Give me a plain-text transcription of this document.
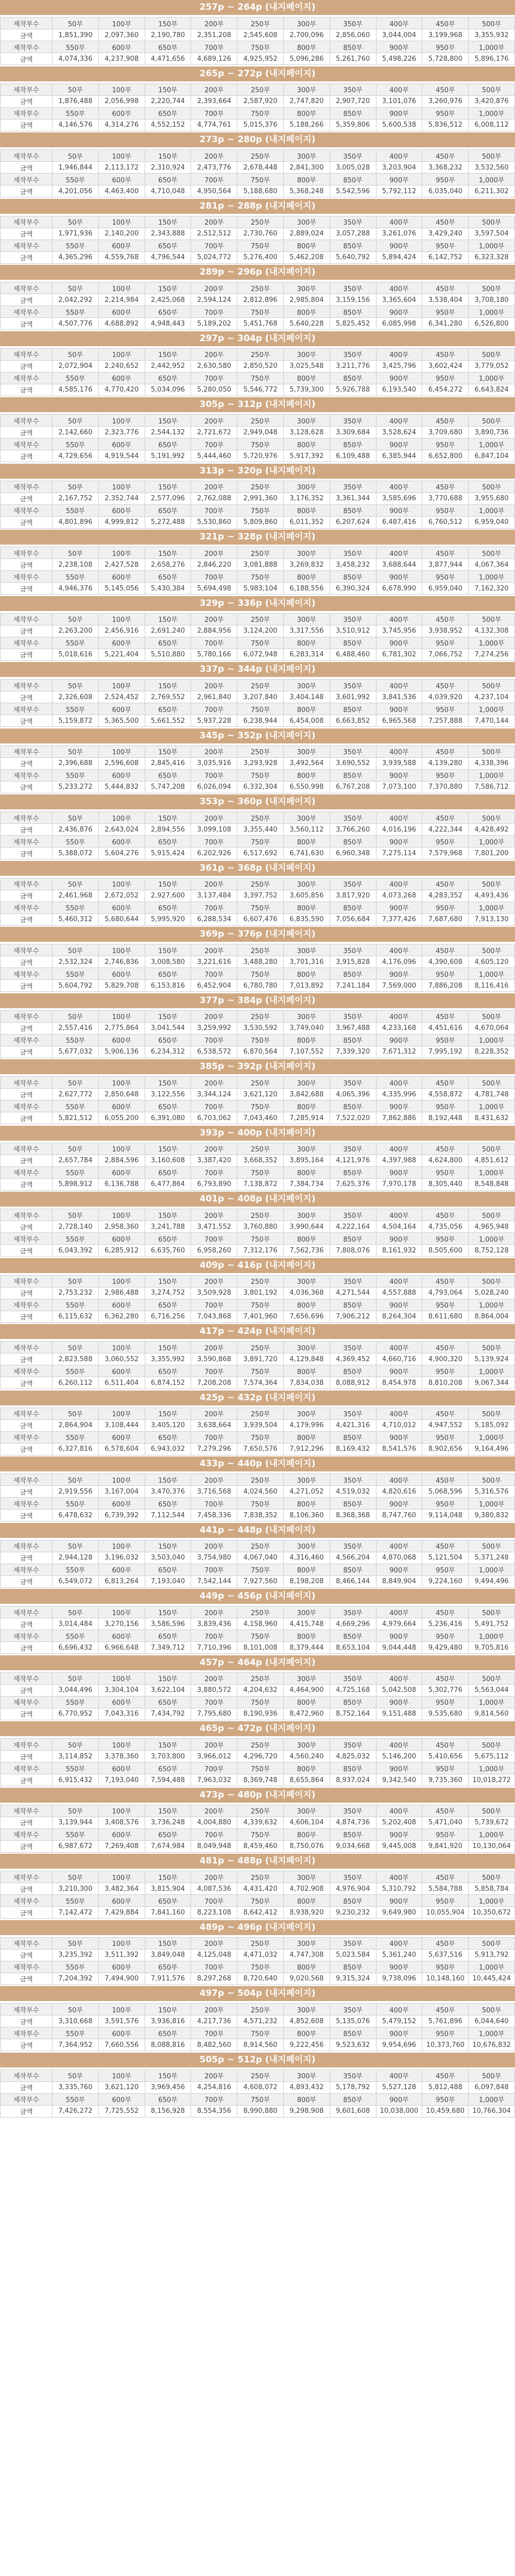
257p ~ 264p (내지페이지)
제작부수	50부	100부	150부	200부	250부	300부	350부	400부	450부	500부
금액	1,851,390	2,097,360	2,190,780	2,351,208	2,545,608	2,700,096	2,856,060	3,044,004	3,199,968	3,355,932
제작부수	550부	600부	650부	700부	750부	800부	850부	900부	950부	1,000부
금액	4,074,336	4,237,908	4,471,656	4,689,126	4,925,952	5,096,286	5,261,760	5,498,226	5,728,800	5,896,176
265p ~ 272p (내지페이지)
제작부수	50부	100부	150부	200부	250부	300부	350부	400부	450부	500부
금액	1,876,488	2,056,998	2,220,744	2,393,664	2,587,920	2,747,820	2,907,720	3,101,076	3,260,976	3,420,876
제작부수	550부	600부	650부	700부	750부	800부	850부	900부	950부	1,000부
금액	4,146,576	4,314,276	4,552,152	4,774,761	5,015,376	5,188,266	5,359,806	5,600,538	5,836,512	6,008,112
273p ~ 280p (내지페이지)
제작부수	50부	100부	150부	200부	250부	300부	350부	400부	450부	500부
금액	1,946,844	2,113,172	2,310,924	2,473,776	2,678,448	2,841,300	3,005,028	3,203,904	3,368,232	3,532,560
제작부수	550부	600부	650부	700부	750부	800부	850부	900부	950부	1,000부
금액	4,201,056	4,463,400	4,710,048	4,950,564	5,188,680	5,368,248	5,542,596	5,792,112	6,035,040	6,211,302
281p ~ 288p (내지페이지)
제작부수	50부	100부	150부	200부	250부	300부	350부	400부	450부	500부
금액	1,971,936	2,140,200	2,343,888	2,512,512	2,730,760	2,889,024	3,057,288	3,261,076	3,429,240	3,597,504
제작부수	550부	600부	650부	700부	750부	800부	850부	900부	950부	1,000부
금액	4,365,296	4,559,768	4,796,544	5,024,772	5,276,400	5,462,208	5,640,792	5,894,424	6,142,752	6,323,328
289p ~ 296p (내지페이지)
제작부수	50부	100부	150부	200부	250부	300부	350부	400부	450부	500부
금액	2,042,292	2,214,984	2,425,068	2,594,124	2,812,896	2,985,804	3,159,156	3,365,604	3,538,404	3,708,180
제작부수	550부	600부	650부	700부	750부	800부	850부	900부	950부	1,000부
금액	4,507,776	4,688,892	4,948,443	5,189,202	5,451,768	5,640,228	5,825,452	6,085,998	6,341,280	6,526,800
297p ~ 304p (내지페이지)
제작부수	50부	100부	150부	200부	250부	300부	350부	400부	450부	500부
금액	2,072,904	2,240,652	2,442,952	2,630,580	2,850,520	3,025,548	3,211,776	3,425,796	3,602,424	3,779,052
제작부수	550부	600부	650부	700부	750부	800부	850부	900부	950부	1,000부
금액	4,585,176	4,770,420	5,034,096	5,280,050	5,546,772	5,739,300	5,926,788	6,193,540	6,454,272	6,643,824
305p ~ 312p (내지페이지)
제작부수	50부	100부	150부	200부	250부	300부	350부	400부	450부	500부
금액	2,142,660	2,323,776	2,544,132	2,721,672	2,949,048	3,128,628	3,309,684	3,528,624	3,709,680	3,890,736
제작부수	550부	600부	650부	700부	750부	800부	850부	900부	950부	1,000부
금액	4,729,656	4,919,544	5,191,992	5,444,460	5,720,976	5,917,392	6,109,488	6,385,944	6,652,800	6,847,104
313p ~ 320p (내지페이지)
제작부수	50부	100부	150부	200부	250부	300부	350부	400부	450부	500부
금액	2,167,752	2,352,744	2,577,096	2,762,088	2,991,360	3,176,352	3,361,344	3,585,696	3,770,688	3,955,680
제작부수	550부	600부	650부	700부	750부	800부	850부	900부	950부	1,000부
금액	4,801,896	4,999,812	5,272,488	5,530,860	5,809,860	6,011,352	6,207,624	6,487,416	6,760,512	6,959,040
321p ~ 328p (내지페이지)
제작부수	50부	100부	150부	200부	250부	300부	350부	400부	450부	500부
금액	2,238,108	2,427,528	2,658,276	2,846,220	3,081,888	3,269,832	3,458,232	3,688,644	3,877,944	4,067,364
제작부수	550부	600부	650부	700부	750부	800부	850부	900부	950부	1,000부
금액	4,946,376	5,145,056	5,430,384	5,694,498	5,983,104	6,188,556	6,390,324	6,678,990	6,959,040	7,162,320
329p ~ 336p (내지페이지)
제작부수	50부	100부	150부	200부	250부	300부	350부	400부	450부	500부
금액	2,263,200	2,456,916	2,691,240	2,884,956	3,124,200	3,317,556	3,510,912	3,745,956	3,938,952	4,132,308
제작부수	550부	600부	650부	700부	750부	800부	850부	900부	950부	1,000부
금액	5,018,616	5,221,404	5,510,880	5,780,166	6,072,948	6,283,314	6,488,460	6,781,302	7,066,752	7,274,256
337p ~ 344p (내지페이지)
제작부수	50부	100부	150부	200부	250부	300부	350부	400부	450부	500부
금액	2,326,608	2,524,452	2,769,552	2,961,840	3,207,840	3,404,148	3,601,992	3,841,536	4,039,920	4,237,104
제작부수	550부	600부	650부	700부	750부	800부	850부	900부	950부	1,000부
금액	5,159,872	5,365,500	5,661,552	5,937,228	6,238,944	6,454,008	6,663,852	6,965,568	7,257,888	7,470,144
345p ~ 352p (내지페이지)
제작부수	50부	100부	150부	200부	250부	300부	350부	400부	450부	500부
금액	2,396,688	2,596,608	2,845,416	3,035,916	3,293,928	3,492,564	3,690,552	3,939,588	4,139,280	4,338,396
제작부수	550부	600부	650부	700부	750부	800부	850부	900부	950부	1,000부
금액	5,233,272	5,444,832	5,747,208	6,026,094	6,332,304	6,550,998	6,767,208	7,073,100	7,370,880	7,586,712
353p ~ 360p (내지페이지)
제작부수	50부	100부	150부	200부	250부	300부	350부	400부	450부	500부
금액	2,436,876	2,643,024	2,894,556	3,099,108	3,355,440	3,560,112	3,766,260	4,016,196	4,222,344	4,428,492
제작부수	550부	600부	650부	700부	750부	800부	850부	900부	950부	1,000부
금액	5,388,072	5,604,276	5,915,424	6,202,926	6,517,692	6,741,630	6,960,348	7,275,114	7,579,968	7,801,200
361p ~ 368p (내지페이지)
제작부수	50부	100부	150부	200부	250부	300부	350부	400부	450부	500부
금액	2,461,968	2,672,052	2,927,600	3,137,484	3,397,752	3,605,856	3,817,920	4,073,268	4,283,352	4,493,436
제작부수	550부	600부	650부	700부	750부	800부	850부	900부	950부	1,000부
금액	5,460,312	5,680,644	5,995,920	6,288,534	6,607,476	6,835,590	7,056,684	7,377,426	7,687,680	7,913,130
369p ~ 376p (내지페이지)
제작부수	50부	100부	150부	200부	250부	300부	350부	400부	450부	500부
금액	2,532,324	2,746,836	3,008,580	3,221,616	3,488,280	3,701,316	3,915,828	4,176,096	4,390,608	4,605,120
제작부수	550부	600부	650부	700부	750부	800부	850부	900부	950부	1,000부
금액	5,604,792	5,829,708	6,153,816	6,452,904	6,780,780	7,013,892	7,241,184	7,569,000	7,886,208	8,116,416
377p ~ 384p (내지페이지)
제작부수	50부	100부	150부	200부	250부	300부	350부	400부	450부	500부
금액	2,557,416	2,775,864	3,041,544	3,259,992	3,530,592	3,749,040	3,967,488	4,233,168	4,451,616	4,670,064
제작부수	550부	600부	650부	700부	750부	800부	850부	900부	950부	1,000부
금액	5,677,032	5,906,136	6,234,312	6,538,572	6,870,564	7,107,552	7,339,320	7,671,312	7,995,192	8,228,352
385p ~ 392p (내지페이지)
제작부수	50부	100부	150부	200부	250부	300부	350부	400부	450부	500부
금액	2,627,772	2,850,648	3,122,556	3,344,124	3,621,120	3,842,688	4,065,396	4,335,996	4,558,872	4,781,748
제작부수	550부	600부	650부	700부	750부	800부	850부	900부	950부	1,000부
금액	5,821,512	6,055,200	6,391,080	6,703,062	7,043,460	7,285,914	7,522,020	7,862,886	8,192,448	8,431,632
393p ~ 400p (내지페이지)
제작부수	50부	100부	150부	200부	250부	300부	350부	400부	450부	500부
금액	2,657,784	2,884,596	3,160,608	3,387,420	3,668,352	3,895,164	4,121,976	4,397,988	4,624,800	4,851,612
제작부수	550부	600부	650부	700부	750부	800부	850부	900부	950부	1,000부
금액	5,898,912	6,136,788	6,477,864	6,793,890	7,138,872	7,384,734	7,625,376	7,970,178	8,305,440	8,548,848
401p ~ 408p (내지페이지)
제작부수	50부	100부	150부	200부	250부	300부	350부	400부	450부	500부
금액	2,728,140	2,958,360	3,241,788	3,471,552	3,760,880	3,990,644	4,222,164	4,504,164	4,735,056	4,965,948
제작부수	550부	600부	650부	700부	750부	800부	850부	900부	950부	1,000부
금액	6,043,392	6,285,912	6,635,760	6,958,260	7,312,176	7,562,736	7,808,076	8,161,932	8,505,600	8,752,128
409p ~ 416p (내지페이지)
제작부수	50부	100부	150부	200부	250부	300부	350부	400부	450부	500부
금액	2,753,232	2,986,488	3,274,752	3,509,928	3,801,192	4,036,368	4,271,544	4,557,888	4,793,064	5,028,240
제작부수	550부	600부	650부	700부	750부	800부	850부	900부	950부	1,000부
금액	6,115,632	6,362,280	6,716,256	7,043,868	7,401,960	7,656,696	7,906,212	8,264,304	8,611,680	8,864,004
417p ~ 424p (내지페이지)
제작부수	50부	100부	150부	200부	250부	300부	350부	400부	450부	500부
금액	2,823,588	3,060,552	3,355,992	3,590,868	3,891,720	4,129,848	4,369,452	4,660,716	4,900,320	5,139,924
제작부수	550부	600부	650부	700부	750부	800부	850부	900부	950부	1,000부
금액	6,260,112	6,511,404	6,874,152	7,208,208	7,574,364	7,834,038	8,088,912	8,454,978	8,810,208	9,067,344
425p ~ 432p (내지페이지)
제작부수	50부	100부	150부	200부	250부	300부	350부	400부	450부	500부
금액	2,864,904	3,108,444	3,405,120	3,638,664	3,939,504	4,179,996	4,421,316	4,710,012	4,947,552	5,185,092
제작부수	550부	600부	650부	700부	750부	800부	850부	900부	950부	1,000부
금액	6,327,816	6,578,604	6,943,032	7,279,296	7,650,576	7,912,296	8,169,432	8,541,576	8,902,656	9,164,496
433p ~ 440p (내지페이지)
제작부수	50부	100부	150부	200부	250부	300부	350부	400부	450부	500부
금액	2,919,556	3,167,004	3,470,376	3,716,568	4,024,560	4,271,052	4,519,032	4,820,616	5,068,596	5,316,576
제작부수	550부	600부	650부	700부	750부	800부	850부	900부	950부	1,000부
금액	6,478,632	6,739,392	7,112,544	7,458,336	7,838,352	8,106,360	8,368,368	8,747,760	9,114,048	9,380,832
441p ~ 448p (내지페이지)
제작부수	50부	100부	150부	200부	250부	300부	350부	400부	450부	500부
금액	2,944,128	3,196,032	3,503,040	3,754,980	4,067,040	4,316,460	4,566,204	4,870,068	5,121,504	5,371,248
제작부수	550부	600부	650부	700부	750부	800부	850부	900부	950부	1,000부
금액	6,549,072	6,813,264	7,193,040	7,542,144	7,927,560	8,198,208	8,466,144	8,849,904	9,224,160	9,494,496
449p ~ 456p (내지페이지)
제작부수	50부	100부	150부	200부	250부	300부	350부	400부	450부	500부
금액	3,014,484	3,270,156	3,586,596	3,839,436	4,158,960	4,415,748	4,669,296	4,979,664	5,236,416	5,491,752
제작부수	550부	600부	650부	700부	750부	800부	850부	900부	950부	1,000부
금액	6,696,432	6,966,648	7,349,712	7,710,396	8,101,008	8,379,444	8,653,104	9,044,448	9,429,480	9,705,816
457p ~ 464p (내지페이지)
제작부수	50부	100부	150부	200부	250부	300부	350부	400부	450부	500부
금액	3,044,496	3,304,104	3,622,104	3,880,572	4,204,632	4,464,900	4,725,168	5,042,508	5,302,776	5,563,044
제작부수	550부	600부	650부	700부	750부	800부	850부	900부	950부	1,000부
금액	6,770,952	7,043,316	7,434,792	7,795,680	8,190,936	8,472,960	8,752,164	9,151,488	9,535,680	9,814,560
465p ~ 472p (내지페이지)
제작부수	50부	100부	150부	200부	250부	300부	350부	400부	450부	500부
금액	3,114,852	3,378,360	3,703,800	3,966,012	4,296,720	4,560,240	4,825,032	5,146,200	5,410,656	5,675,112
제작부수	550부	600부	650부	700부	750부	800부	850부	900부	950부	1,000부
금액	6,915,432	7,193,040	7,594,488	7,963,032	8,369,748	8,655,864	8,937,024	9,342,540	9,735,360	10,018,272
473p ~ 480p (내지페이지)
제작부수	50부	100부	150부	200부	250부	300부	350부	400부	450부	500부
금액	3,139,944	3,408,576	3,736,248	4,004,880	4,339,632	4,606,104	4,874,736	5,202,408	5,471,040	5,739,672
제작부수	550부	600부	650부	700부	750부	800부	850부	900부	950부	1,000부
금액	6,987,672	7,269,408	7,674,984	8,049,948	8,459,460	8,750,076	9,034,668	9,445,008	9,841,920	10,130,064
481p ~ 488p (내지페이지)
제작부수	50부	100부	150부	200부	250부	300부	350부	400부	450부	500부
금액	3,210,300	3,482,364	3,815,904	4,087,536	4,431,420	4,702,908	4,976,904	5,310,792	5,584,788	5,858,784
제작부수	550부	600부	650부	700부	750부	800부	850부	900부	950부	1,000부
금액	7,142,472	7,429,884	7,841,160	8,223,108	8,642,412	8,938,920	9,230,232	9,649,980	10,055,904	10,350,672
489p ~ 496p (내지페이지)
제작부수	50부	100부	150부	200부	250부	300부	350부	400부	450부	500부
금액	3,235,392	3,511,392	3,849,048	4,125,048	4,471,032	4,747,308	5,023,584	5,361,240	5,637,516	5,913,792
제작부수	550부	600부	650부	700부	750부	800부	850부	900부	950부	1,000부
금액	7,204,392	7,494,900	7,911,576	8,297,268	8,720,640	9,020,568	9,315,324	9,738,096	10,148,160	10,445,424
497p ~ 504p (내지페이지)
제작부수	50부	100부	150부	200부	250부	300부	350부	400부	450부	500부
금액	3,310,668	3,591,576	3,936,816	4,217,736	4,571,232	4,852,608	5,135,076	5,479,152	5,761,896	6,044,640
제작부수	550부	600부	650부	700부	750부	800부	850부	900부	950부	1,000부
금액	7,364,952	7,660,556	8,088,816	8,482,560	8,914,560	9,222,456	9,523,632	9,954,696	10,373,760	10,676,832
505p ~ 512p (내지페이지)
제작부수	50부	100부	150부	200부	250부	300부	350부	400부	450부	500부
금액	3,335,760	3,621,120	3,969,456	4,254,816	4,608,072	4,893,432	5,178,792	5,527,128	5,812,488	6,097,848
제작부수	550부	600부	650부	700부	750부	800부	850부	900부	950부	1,000부
금액	7,426,272	7,725,552	8,156,928	8,554,356	8,990,880	9,298,908	9,601,608	10,038,000	10,459,680	10,766,304
